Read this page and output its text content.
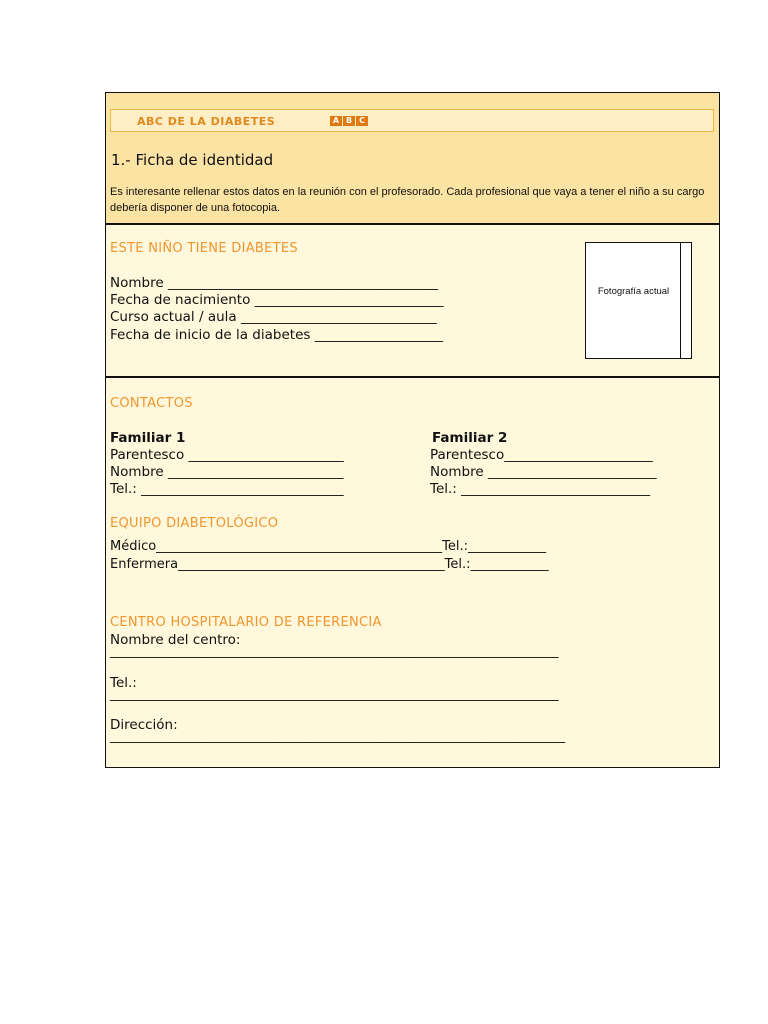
ABC DE LA DIABETES	A B C
1.- Ficha de identidad
Es interesante rellenar estos datos en la reunión con el profesorado. Cada profesional que vaya a tener el niño a su cargo debería disponer de una fotocopia.
ESTE NIÑO TIENE DIABETES
Nombre ________________________________________
Fecha de nacimiento ____________________________
Curso actual / aula _____________________________
Fecha de inicio de la diabetes ___________________
Fotografía actual
CONTACTOS
Familiar 1
Parentesco _______________________
Nombre __________________________
Tel.: ______________________________
Familiar 2
Parentesco______________________
Nombre _________________________
Tel.: ____________________________
EQUIPO DIABETOLÓGICO
Médico____________________________________________Tel.:____________
Enfermera_________________________________________Tel.:____________
CENTRO HOSPITALARIO DE REFERENCIA
Nombre del centro:
_____________________________________________________________________
Tel.:
_____________________________________________________________________
Dirección:
______________________________________________________________________
